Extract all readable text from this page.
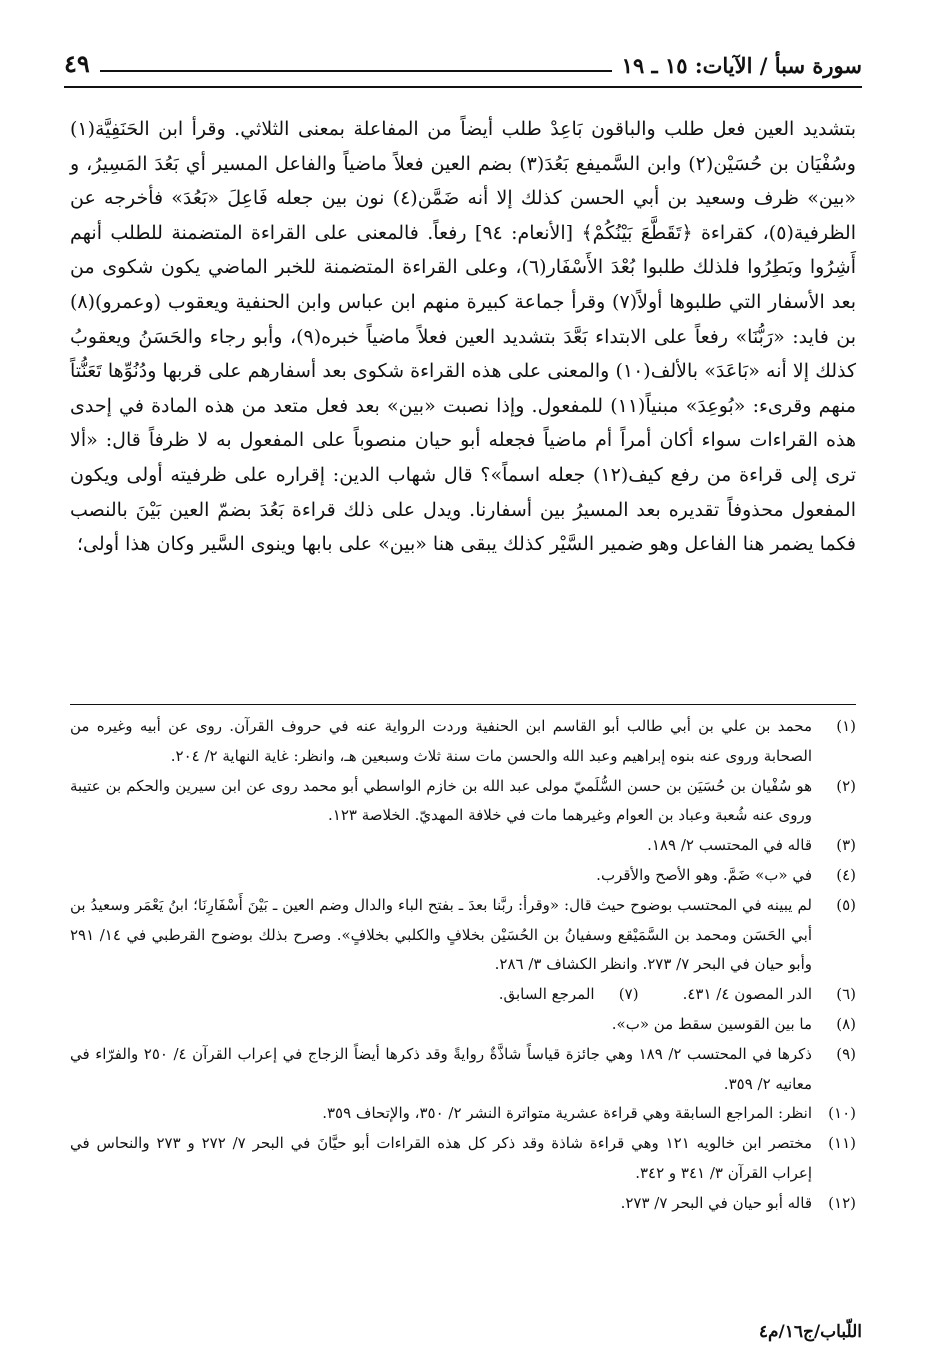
سورة سبأ / الآيات: ١٥ ـ ١٩
٤٩

بتشديد العين فعل طلب والباقون بَاعِدْ طلب أيضاً من المفاعلة بمعنى الثلاثي. وقرأ ابن الحَنَفِيَّة(١) وسُفْيَان بن حُسَيْن(٢) وابن السَّميفع بَعُدَ(٣) بضم العين فعلاً ماضياً والفاعل المسير أي بَعُدَ المَسِيرُ، و «بين» ظرف وسعيد بن أبي الحسن كذلك إلا أنه ضَمَّن(٤) نون بين جعله فَاعِلَ «بَعُدَ» فأخرجه عن الظرفية(٥)، كقراءة ﴿تَقَطَّعَ بَيْنُكُمْ﴾ [الأنعام: ٩٤] رفعاً. فالمعنى على القراءة المتضمنة للطلب أنهم أَشِرُوا وبَطِرُوا فلذلك طلبوا بُعْدَ الأَسْفَار(٦)، وعلى القراءة المتضمنة للخبر الماضي يكون شكوى من بعد الأسفار التي طلبوها أولاً(٧) وقرأ جماعة كبيرة منهم ابن عباس وابن الحنفية ويعقوب (وعمرو)(٨) بن فايد: «رَبُّنَا» رفعاً على الابتداء بَعَّدَ بتشديد العين فعلاً ماضياً خبره(٩)، وأبو رجاء والحَسَنُ ويعقوبُ كذلك إلا أنه «بَاعَدَ» بالألف(١٠) والمعنى على هذه القراءة شكوى بعد أسفارهم على قربها ودُنُوِّها تَعَنُّتاً منهم وقرىء: «بُوعِدَ» مبنياً(١١) للمفعول. وإذا نصبت «بين» بعد فعل متعد من هذه المادة في إحدى هذه القراءات سواء أكان أمراً أم ماضياً فجعله أبو حيان منصوباً على المفعول به لا ظرفاً قال: «ألا ترى إلى قراءة من رفع كيف(١٢) جعله اسماً»؟ قال شهاب الدين: إقراره على ظرفيته أولى ويكون المفعول محذوفاً تقديره بعد المسيرُ بين أسفارنا. ويدل على ذلك قراءة بَعُدَ بضمّ العين بَيْنَ بالنصب فكما يضمر هنا الفاعل وهو ضمير السَّيْر كذلك يبقى هنا «بين» على بابها وينوى السَّير وكان هذا أولى؛

(١)
محمد بن علي بن أبي طالب أبو القاسم ابن الحنفية وردت الرواية عنه في حروف القرآن. روى عن أبيه وغيره من الصحابة وروى عنه بنوه إبراهيم وعبد الله والحسن مات سنة ثلاث وسبعين هـ، وانظر: غاية النهاية ٢/ ٢٠٤.
(٢)
هو سُفْيان بن حُسَيَن بن حسن السُّلَميّ مولى عبد الله بن خازم الواسطي أبو محمد روى عن ابن سيرين والحكم بن عتيبة وروى عنه شُعبة وعباد بن العوام وغيرهما مات في خلافة المهديّ. الخلاصة ١٢٣.
(٣)
قاله في المحتسب ٢/ ١٨٩.
(٤)
في «ب» ضَمَّ. وهو الأصح والأقرب.
(٥)
لم يبينه في المحتسب بوضوح حيث قال: «وقرأ: ربَّنا بعدَ ـ بفتح الباء والدال وضم العين ـ بَيْنَ أَسْفَارِنَا؛ ابنُ يَعْمَر وسعيدُ بن أبي الحَسَن ومحمد بن السَّمَيْقع وسفيانُ بن الحُسَيْن بخلافٍ والكلبي بخلافٍ». وصرح بذلك بوضوح القرطبي في ١٤/ ٢٩١ وأبو حيان في البحر ٧/ ٢٧٣. وانظر الكشاف ٣/ ٢٨٦.
(٦)
الدر المصون ٤/ ٤٣١.
(٧)
المرجع السابق.
(٨)
ما بين القوسين سقط من «ب».
(٩)
ذكرها في المحتسب ٢/ ١٨٩ وهي جائزة قياساً شاذَّةٌ روايةً وقد ذكرها أيضاً الزجاج في إعراب القرآن ٤/ ٢٥٠ والفرّاء في معانيه ٢/ ٣٥٩.
(١٠)
انظر: المراجع السابقة وهي قراءة عشرية متواترة النشر ٢/ ٣٥٠، والإتحاف ٣٥٩.
(١١)
مختصر ابن خالويه ١٢١ وهي قراءة شاذة وقد ذكر كل هذه القراءات أبو حيَّانَ في البحر ٧/ ٢٧٢ و ٢٧٣ والنحاس في إعراب القرآن ٣/ ٣٤١ و ٣٤٢.
(١٢)
قاله أبو حيان في البحر ٧/ ٢٧٣.
اللّباب/ج١٦/م٤
